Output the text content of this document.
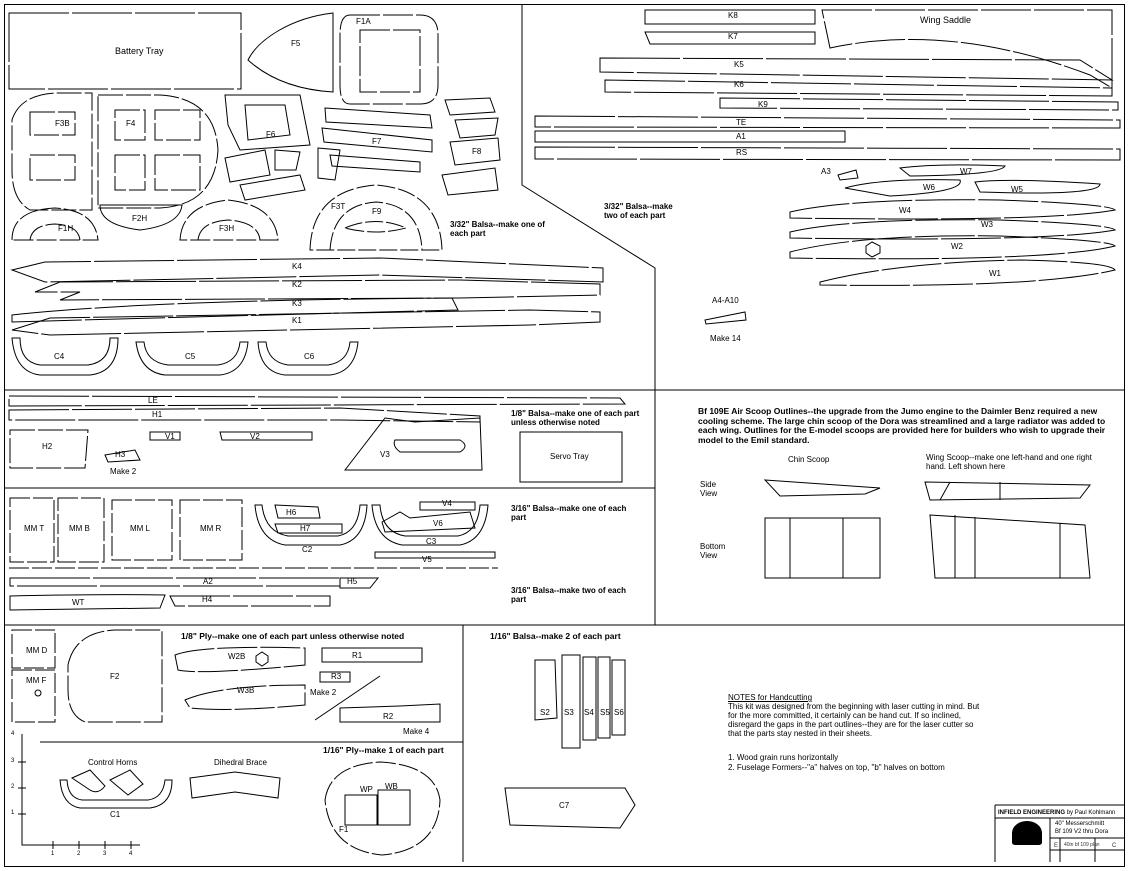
Battery Tray
F5
F1A
F3B	F4
F6
F7
F8
F1H
F2H
F3H
F3T
F9
K4
K2
K3
K1
C4	C5	C6
3/32" Balsa--make one of each part
Wing Saddle
K8
K7
K5
K6
K9
TE
A1
RS
A3	W7
W6	W5
W4
W3
W2
W1
3/32" Balsa--make two of each part
A4-A10
Make 14
LE
H1
H2
H3
V1	V2
V3
Make 2
Servo Tray
1/8" Balsa--make one of each part unless otherwise noted
MM T	MM B	MM L	MM R
H6
H7
C2
V4
V6
C3
V5
3/16" Balsa--make one of each part
A2	H5
WT	H4
3/16" Balsa--make two of each part
Bf 109E Air Scoop Outlines--the upgrade from the Jumo engine to the Daimler Benz required a new cooling scheme. The large chin scoop of the Dora was streamlined and a large radiator was added to each wing. Outlines for the E-model scoops are provided here for builders who wish to upgrade their model to the Emil standard.
Chin Scoop	Wing Scoop--make one left-hand and one right hand. Left shown here
Side View
Bottom View
1/8" Ply--make one of each part unless otherwise noted
MM D
MM F	F2
W2B	R1
R3
W3B
R2
Make 2
Make 4
1/16" Ply--make 1 of each part
Control Horns	Dihedral Brace
C1
WP WB
F1
1/16" Balsa--make 2 of each part
S2 S3 S4 S5 S6
C7
NOTES for Handcutting
This kit was designed from the beginning with laser cutting in mind. But for the more committed, it certainly can be hand cut. If so inclined, disregard the gaps in the part outlines--they are for the laser cutter so that the parts stay nested in their sheets.
1. Wood grain runs horizontally
2. Fuselage Formers--"a" halves on top, "b" halves on bottom
4
3
2
1
1	2	3	4
INFIELD ENGINEERING by Paul Kohlmann
40" Messerschmitt
Bf 109 V2 thru Dora
E 40in bf 109 plan C
